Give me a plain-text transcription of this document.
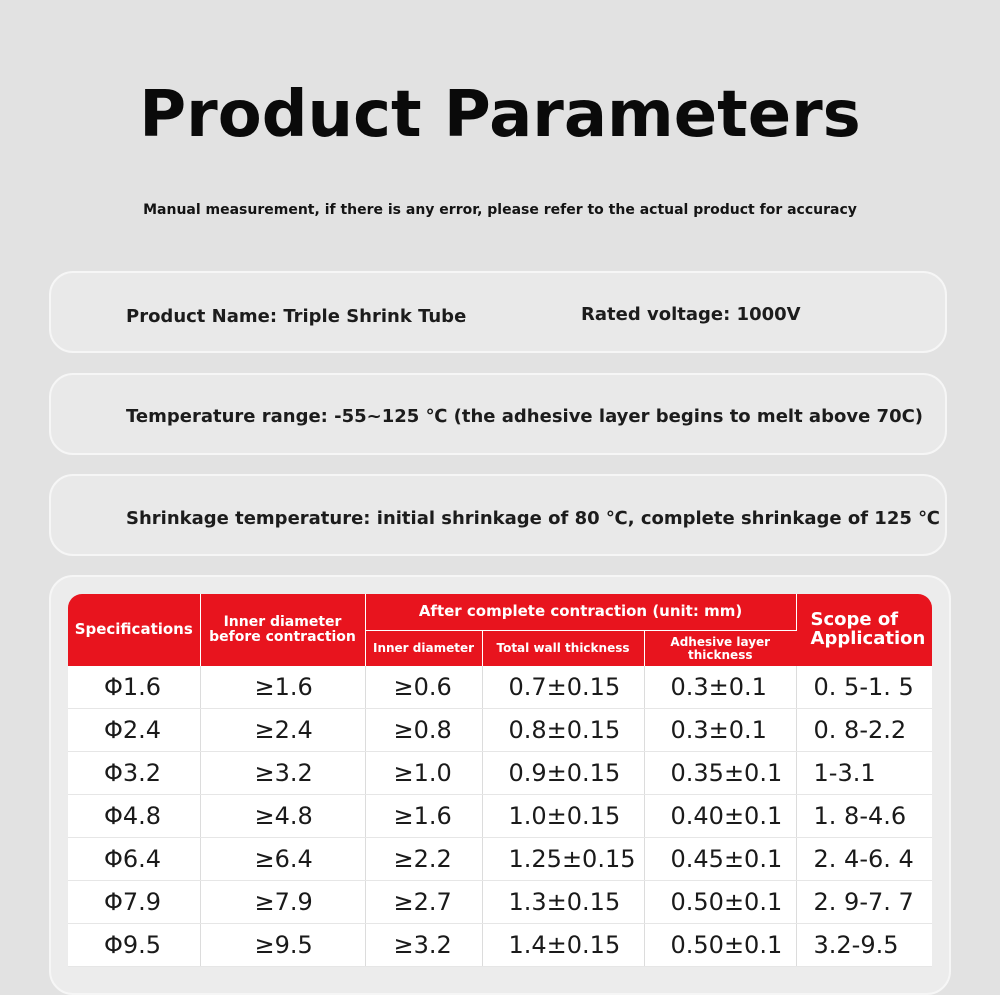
Product Parameters
Manual measurement, if there is any error, please refer to the actual product for accuracy
Product Name: Triple Shrink Tube	Rated voltage: 1000V
Temperature range: -55~125 ℃ (the adhesive layer begins to melt above 70C)
Shrinkage temperature: initial shrinkage of 80 ℃, complete shrinkage of 125 ℃
Specifications	Inner diameter before contraction	After complete contraction (unit: mm)			Scope of Application
		Inner diameter	Total wall thickness	Adhesive layer thickness	
Φ1.6	≥1.6	≥0.6	0.7±0.15	0.3±0.1	0. 5-1. 5
Φ2.4	≥2.4	≥0.8	0.8±0.15	0.3±0.1	0. 8-2.2
Φ3.2	≥3.2	≥1.0	0.9±0.15	0.35±0.1	1-3.1
Φ4.8	≥4.8	≥1.6	1.0±0.15	0.40±0.1	1. 8-4.6
Φ6.4	≥6.4	≥2.2	1.25±0.15	0.45±0.1	2. 4-6. 4
Φ7.9	≥7.9	≥2.7	1.3±0.15	0.50±0.1	2. 9-7. 7
Φ9.5	≥9.5	≥3.2	1.4±0.15	0.50±0.1	3.2-9.5
